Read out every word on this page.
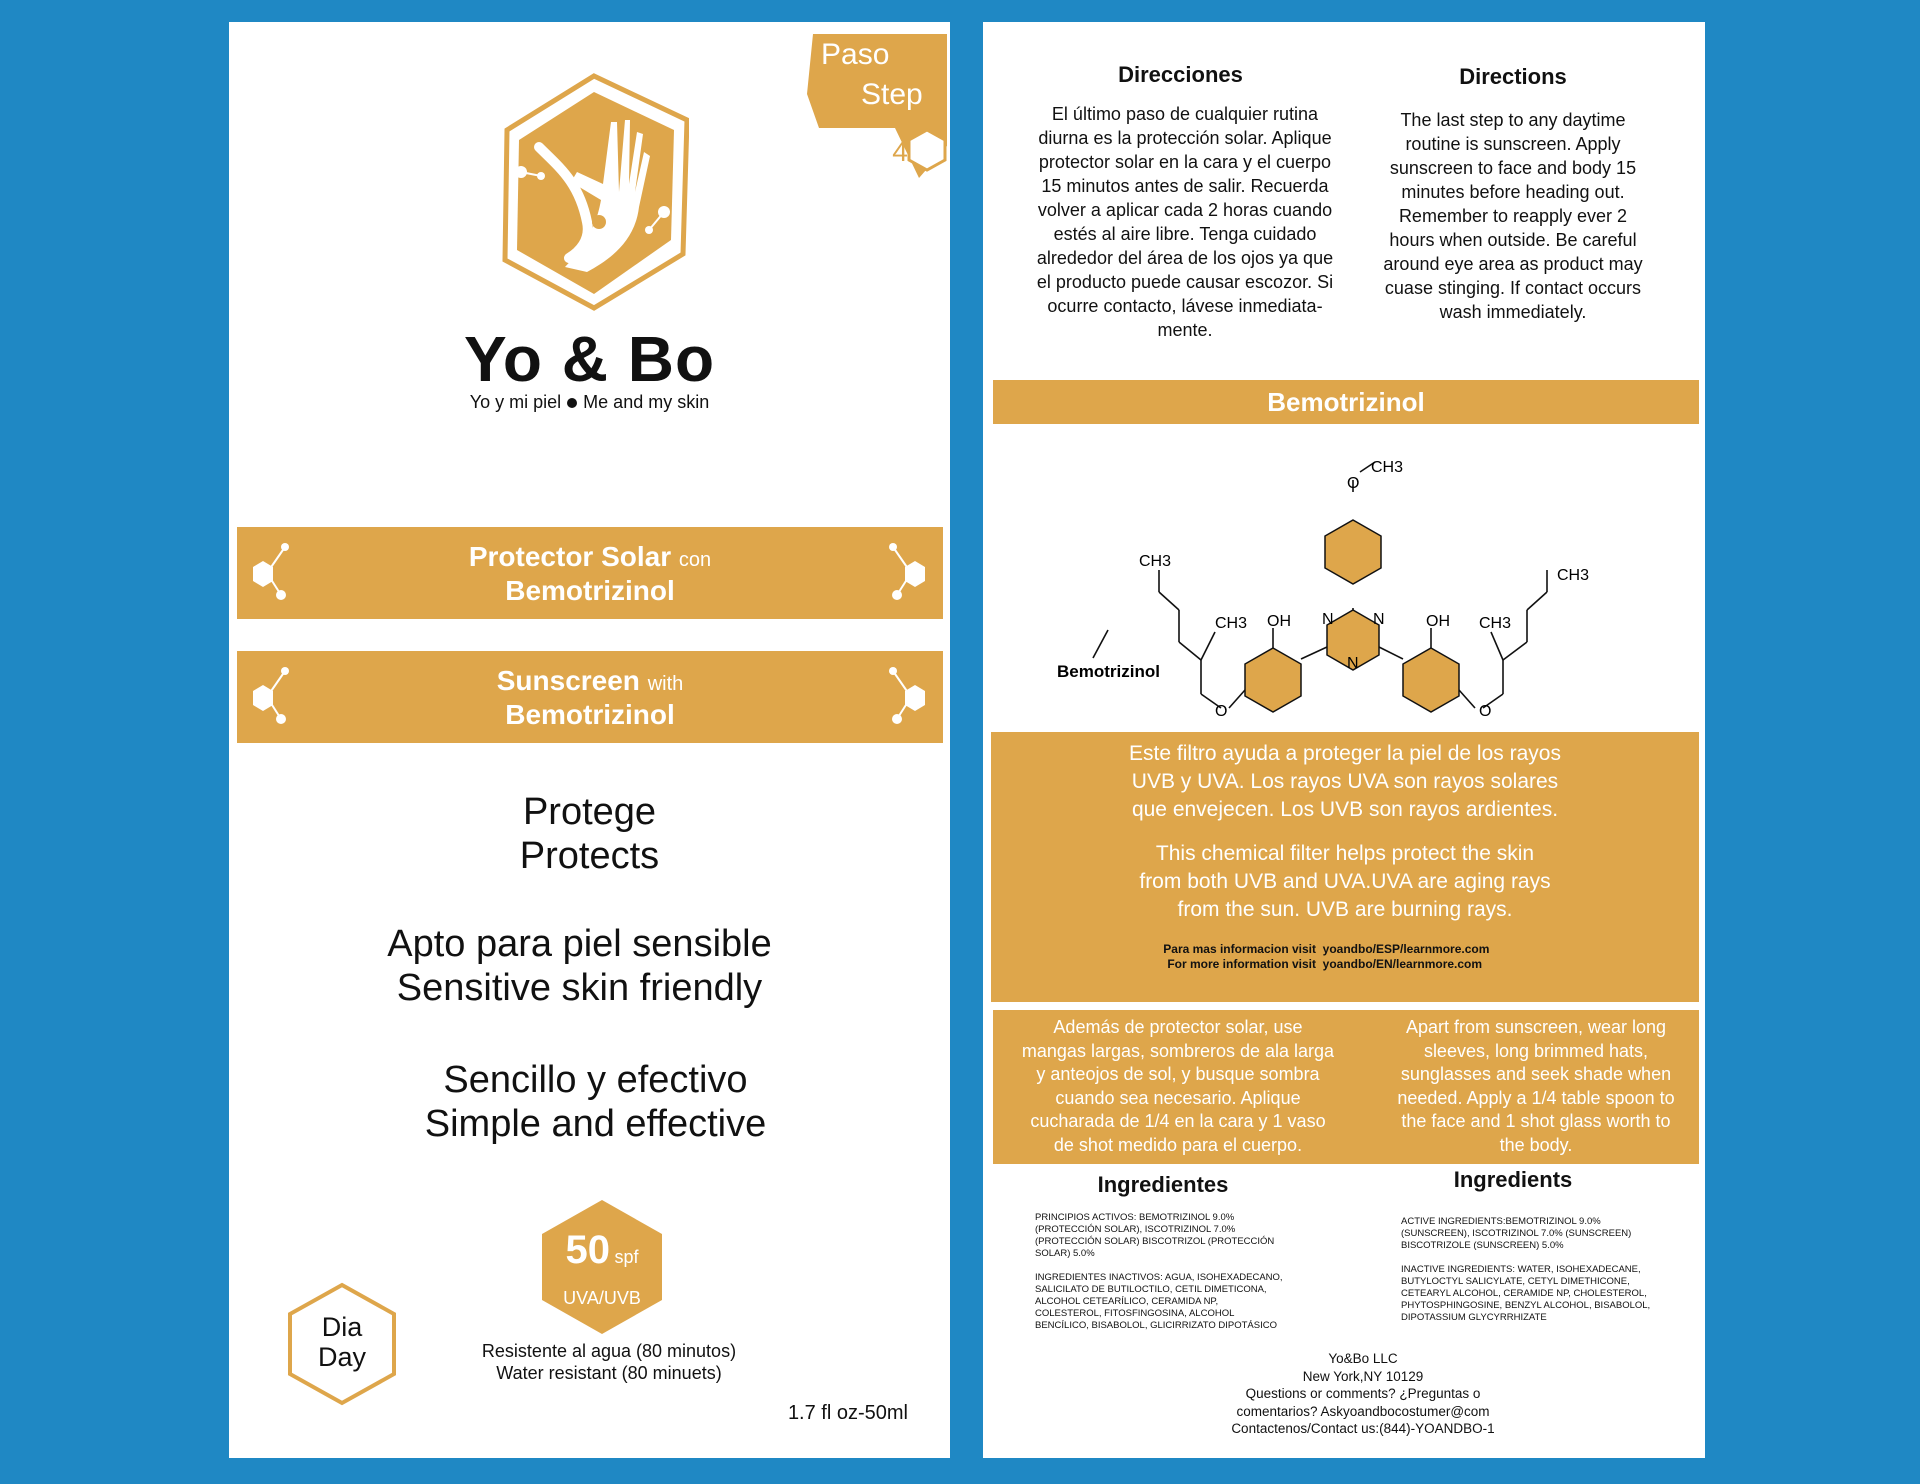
Paso
Step
4
Yo & Bo
Yo y mi piel Me and my skin
Protector Solar con
Bemotrizinol
Sunscreen with
Bemotrizinol
Protege
Protects
Apto para piel sensible
Sensitive skin friendly
Sencillo y efectivo
Simple and effective
50 spf
UVA/UVB
Dia
Day	Resistente al agua (80 minutos)
Water resistant (80 minuets)
1.7 fl oz-50ml
Direcciones
El último paso de cualquier rutina
diurna es la protección solar. Aplique
protector solar en la cara y el cuerpo
15 minutos antes de salir. Recuerda
volver a aplicar cada 2 horas cuando
estés al aire libre. Tenga cuidado
alrededor del área de los ojos ya que
el producto puede causar escozor. Si
ocurre contacto, lávese inmediata-
mente.
Directions
The last step to any daytime
routine is sunscreen. Apply
sunscreen to face and body 15
minutes before heading out.
Remember to reapply ever 2
hours when outside. Be careful
around eye area as product may
cuase stinging. If contact occurs
wash immediately.
Bemotrizinol
CH3
O
CH3
CH3 OH N N
N
OH CH3
CH3
O	O
Bemotrizinol
Este filtro ayuda a proteger la piel de los rayos
UVB y UVA. Los rayos UVA son rayos solares
que envejecen. Los UVB son rayos ardientes.
This chemical filter helps protect the skin
from both UVB and UVA.UVA are aging rays
from the sun. UVB are burning rays.
Para mas informacion visit yoandbo/ESP/learnmore.com
For more information visit yoandbo/EN/learnmore.com
Además de protector solar, use
mangas largas, sombreros de ala larga
y anteojos de sol, y busque sombra
cuando sea necesario. Aplique
cucharada de 1/4 en la cara y 1 vaso
de shot medido para el cuerpo.
Apart from sunscreen, wear long
sleeves, long brimmed hats,
sunglasses and seek shade when
needed. Apply a 1/4 table spoon to
the face and 1 shot glass worth to
the body.
Ingredientes
PRINCIPIOS ACTIVOS: BEMOTRIZINOL 9.0%
(PROTECCIÓN SOLAR), ISCOTRIZINOL 7.0%
(PROTECCIÓN SOLAR) BISCOTRIZOL (PROTECCIÓN
SOLAR) 5.0%
INGREDIENTES INACTIVOS: AGUA, ISOHEXADECANO,
SALICILATO DE BUTILOCTILO, CETIL DIMETICONA,
ALCOHOL CETEARÍLICO, CERAMIDA NP,
COLESTEROL, FITOSFINGOSINA, ALCOHOL
BENCÍLICO, BISABOLOL, GLICIRRIZATO DIPOTÁSICO
Ingredients
ACTIVE INGREDIENTS:BEMOTRIZINOL 9.0%
(SUNSCREEN), ISCOTRIZINOL 7.0% (SUNSCREEN)
BISCOTRIZOLE (SUNSCREEN) 5.0%
INACTIVE INGREDIENTS: WATER, ISOHEXADECANE,
BUTYLOCTYL SALICYLATE, CETYL DIMETHICONE,
CETEARYL ALCOHOL, CERAMIDE NP, CHOLESTEROL,
PHYTOSPHINGOSINE, BENZYL ALCOHOL, BISABOLOL,
DIPOTASSIUM GLYCYRRHIZATE
Yo&Bo LLC
New York,NY 10129
Questions or comments? ¿Preguntas o
comentarios? Askyoandbocostumer@com
Contactenos/Contact us:(844)-YOANDBO-1
